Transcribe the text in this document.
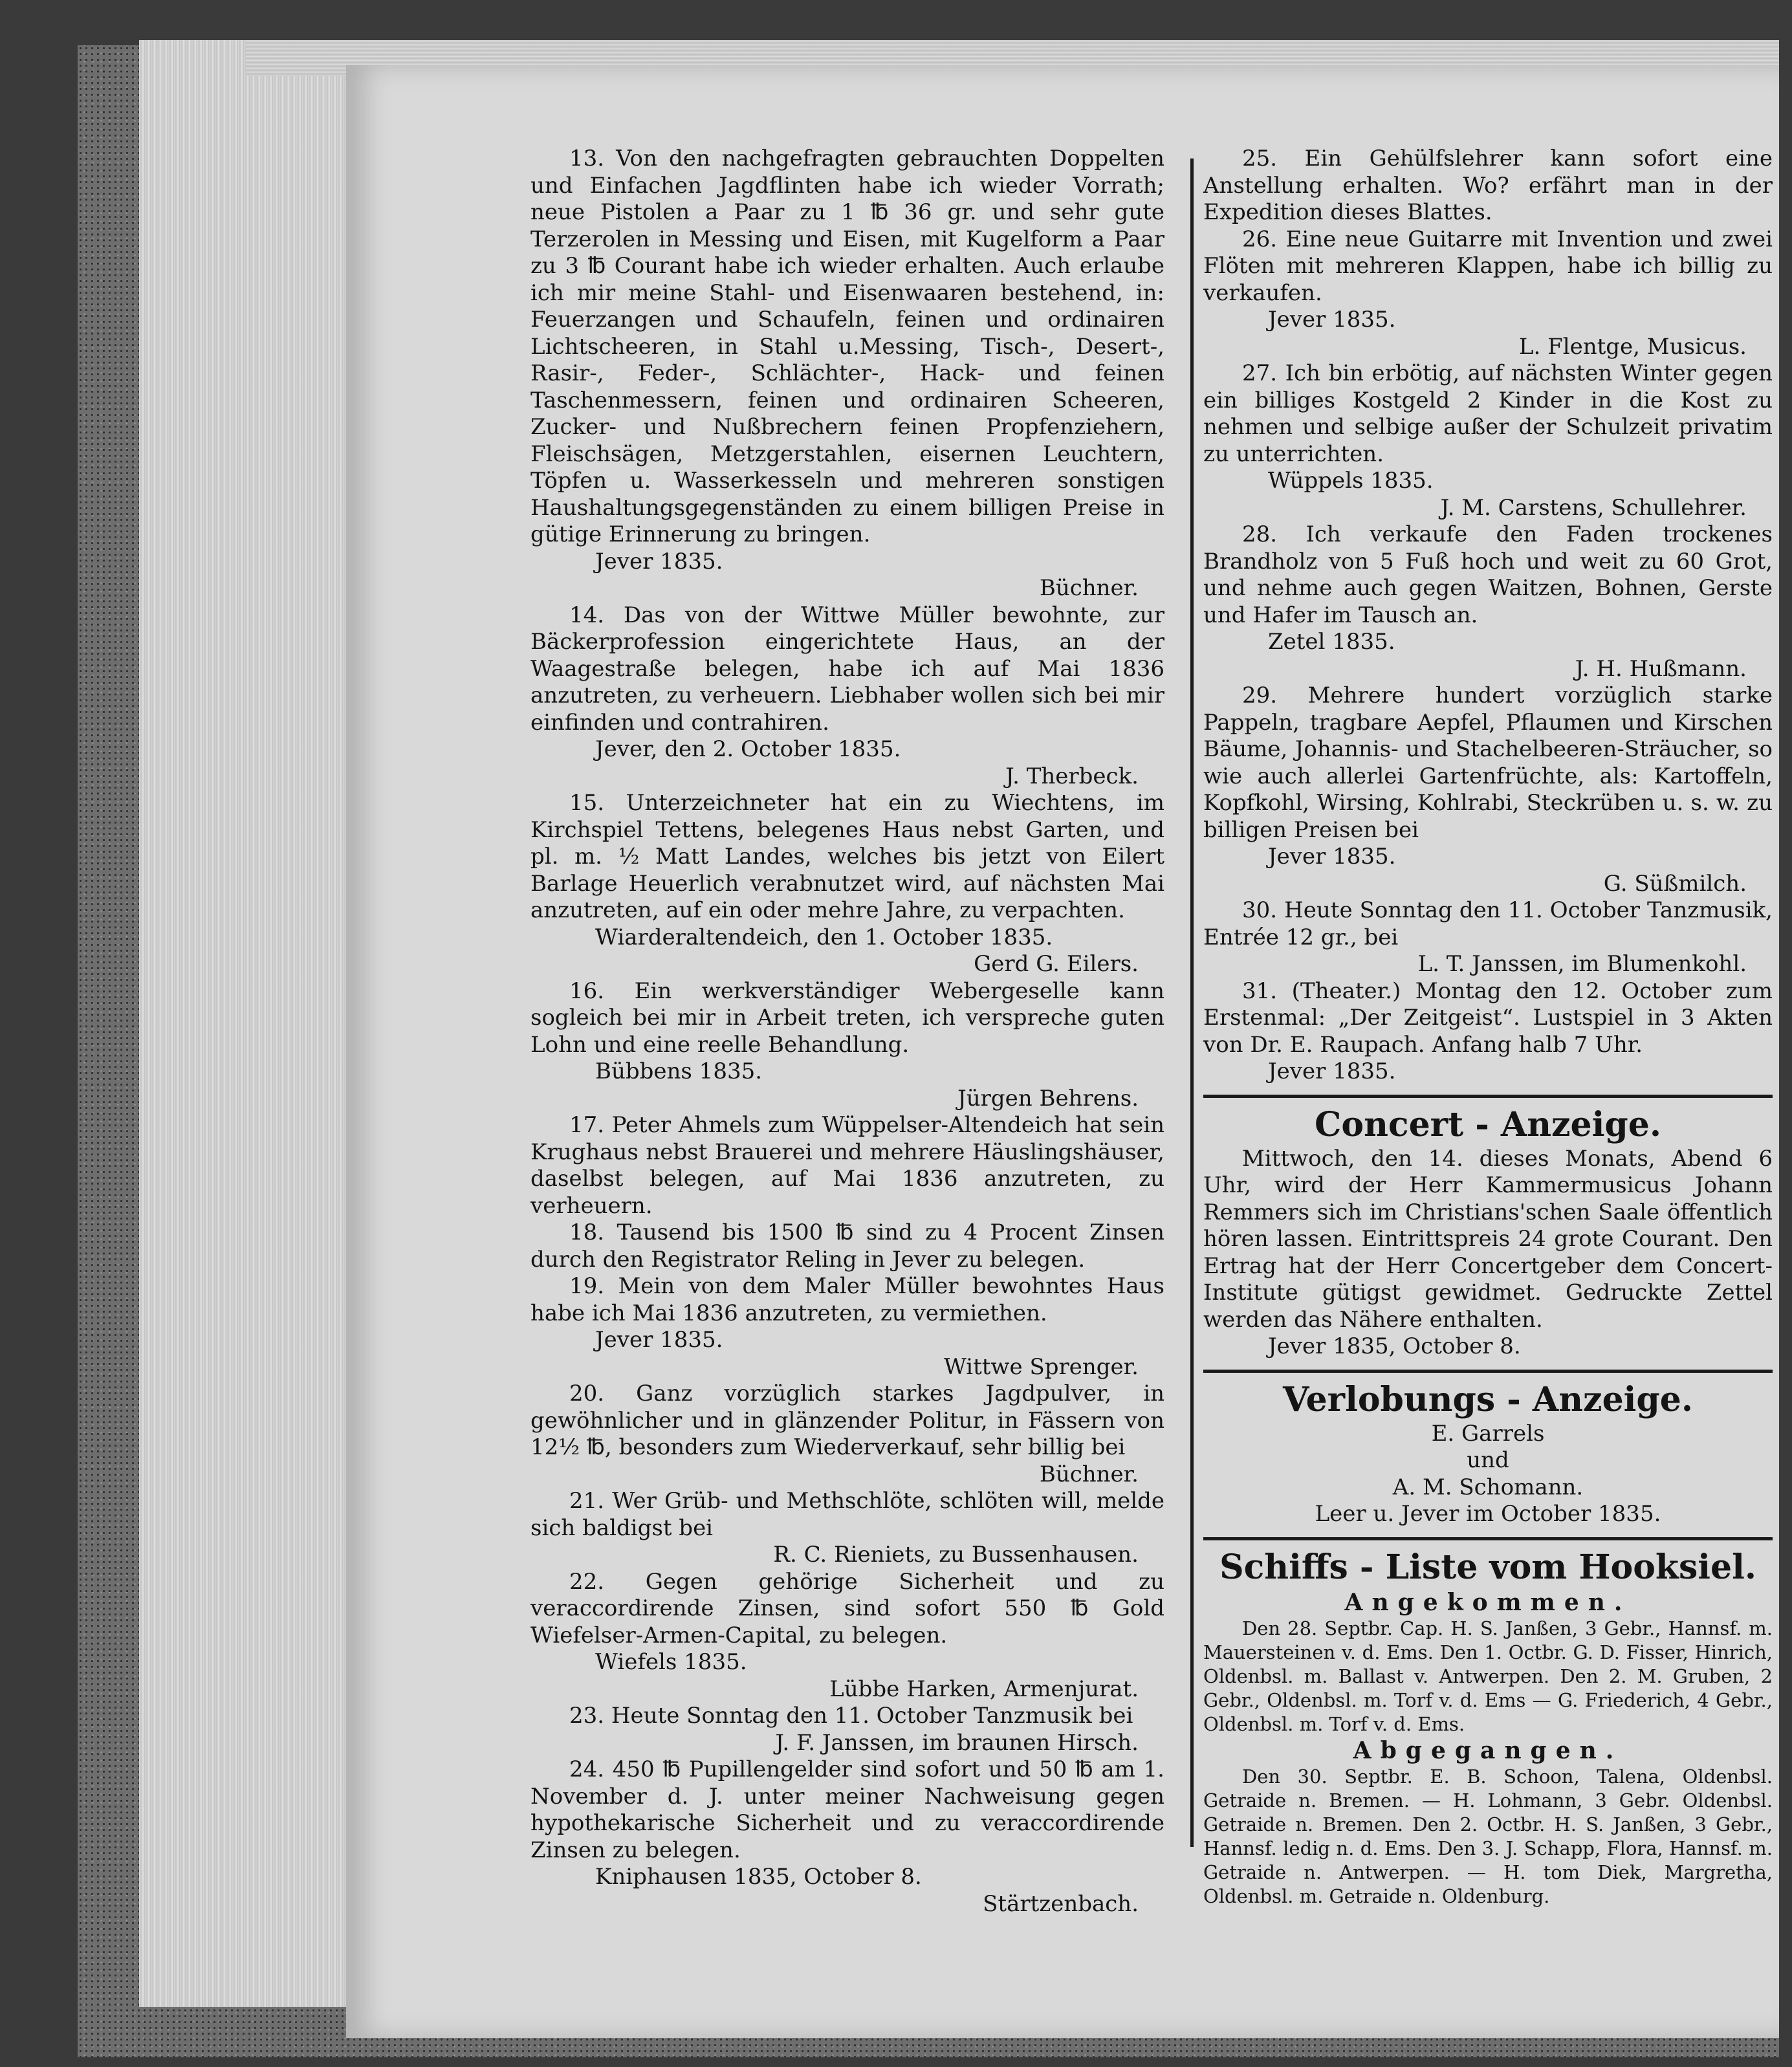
13. Von den nachgefragten gebrauchten Doppelten und Einfachen Jagdflinten habe ich wieder Vorrath; neue Pistolen a Paar zu 1 ℔ 36 gr. und sehr gute Terzerolen in Messing und Eisen, mit Kugelform a Paar zu 3 ℔ Courant habe ich wieder erhalten. Auch erlaube ich mir meine Stahl- und Eisenwaaren bestehend, in: Feuerzangen und Schaufeln, feinen und ordinairen Lichtscheeren, in Stahl u.Messing, Tisch-, Desert-, Rasir-, Feder-, Schlächter-, Hack- und feinen Taschenmessern, feinen und ordinairen Scheeren, Zucker- und Nußbrechern feinen Propfenziehern, Fleischsägen, Metzgerstahlen, eisernen Leuchtern, Töpfen u. Wasserkesseln und mehreren sonstigen Haushaltungsgegenständen zu einem billigen Preise in gütige Erinnerung zu bringen.

Jever 1835.
Büchner.

14. Das von der Wittwe Müller bewohnte, zur Bäckerprofession eingerichtete Haus, an der Waagestraße belegen, habe ich auf Mai 1836 anzutreten, zu verheuern. Liebhaber wollen sich bei mir einfinden und contrahiren.

Jever, den 2. October 1835.
J. Therbeck.

15. Unterzeichneter hat ein zu Wiechtens, im Kirchspiel Tettens, belegenes Haus nebst Garten, und pl. m. ½ Matt Landes, welches bis jetzt von Eilert Barlage Heuerlich verabnutzet wird, auf nächsten Mai anzutreten, auf ein oder mehre Jahre, zu verpachten.

Wiarderaltendeich, den 1. October 1835.
Gerd G. Eilers.

16. Ein werkverständiger Webergeselle kann sogleich bei mir in Arbeit treten, ich verspreche guten Lohn und eine reelle Behandlung.

Bübbens 1835.
Jürgen Behrens.

17. Peter Ahmels zum Wüppelser-Altendeich hat sein Krughaus nebst Brauerei und mehrere Häuslingshäuser, daselbst belegen, auf Mai 1836 anzutreten, zu verheuern.

18. Tausend bis 1500 ℔ sind zu 4 Procent Zinsen durch den Registrator Reling in Jever zu belegen.

19. Mein von dem Maler Müller bewohntes Haus habe ich Mai 1836 anzutreten, zu vermiethen.

Jever 1835.
Wittwe Sprenger.

20. Ganz vorzüglich starkes Jagdpulver, in gewöhnlicher und in glänzender Politur, in Fässern von 12½ ℔, besonders zum Wiederverkauf, sehr billig bei

Büchner.

21. Wer Grüb- und Methschlöte, schlöten will, melde sich baldigst bei

R. C. Rieniets, zu Bussenhausen.

22. Gegen gehörige Sicherheit und zu veraccordirende Zinsen, sind sofort 550 ℔ Gold Wiefelser-Armen-Capital, zu belegen.

Wiefels 1835.
Lübbe Harken, Armenjurat.

23. Heute Sonntag den 11. October Tanzmusik bei

J. F. Janssen, im braunen Hirsch.

24. 450 ℔ Pupillengelder sind sofort und 50 ℔ am 1. November d. J. unter meiner Nachweisung gegen hypothekarische Sicherheit und zu veraccordirende Zinsen zu belegen.

Kniphausen 1835, October 8.
Stärtzenbach.

25. Ein Gehülfslehrer kann sofort eine Anstellung erhalten. Wo? erfährt man in der Expedition dieses Blattes.

26. Eine neue Guitarre mit Invention und zwei Flöten mit mehreren Klappen, habe ich billig zu verkaufen.

Jever 1835.
L. Flentge, Musicus.

27. Ich bin erbötig, auf nächsten Winter gegen ein billiges Kostgeld 2 Kinder in die Kost zu nehmen und selbige außer der Schulzeit privatim zu unterrichten.

Wüppels 1835.
J. M. Carstens, Schullehrer.

28. Ich verkaufe den Faden trockenes Brandholz von 5 Fuß hoch und weit zu 60 Grot, und nehme auch gegen Waitzen, Bohnen, Gerste und Hafer im Tausch an.

Zetel 1835.
J. H. Hußmann.

29. Mehrere hundert vorzüglich starke Pappeln, tragbare Aepfel, Pflaumen und Kirschen Bäume, Johannis- und Stachelbeeren-Sträucher, so wie auch allerlei Gartenfrüchte, als: Kartoffeln, Kopfkohl, Wirsing, Kohlrabi, Steckrüben u. s. w. zu billigen Preisen bei

Jever 1835.
G. Süßmilch.

30. Heute Sonntag den 11. October Tanzmusik, Entrée 12 gr., bei

L. T. Janssen, im Blumenkohl.

31. (Theater.) Montag den 12. October zum Erstenmal: „Der Zeitgeist“. Lustspiel in 3 Akten von Dr. E. Raupach. Anfang halb 7 Uhr.

Jever 1835.
Concert - Anzeige.

Mittwoch, den 14. dieses Monats, Abend 6 Uhr, wird der Herr Kammermusicus Johann Remmers sich im Christians'schen Saale öffentlich hören lassen. Eintrittspreis 24 grote Courant. Den Ertrag hat der Herr Concertgeber dem Concert-Institute gütigst gewidmet. Gedruckte Zettel werden das Nähere enthalten.

Jever 1835, October 8.
Verlobungs - Anzeige.
E. Garrels
und
A. M. Schomann.
Leer u. Jever im October 1835.
Schiffs - Liste vom Hooksiel.
Angekommen.

Den 28. Septbr. Cap. H. S. Janßen, 3 Gebr., Hannsf. m. Mauersteinen v. d. Ems. Den 1. Octbr. G. D. Fisser, Hinrich, Oldenbsl. m. Ballast v. Antwerpen. Den 2. M. Gruben, 2 Gebr., Oldenbsl. m. Torf v. d. Ems — G. Friederich, 4 Gebr., Oldenbsl. m. Torf v. d. Ems.

Abgegangen.

Den 30. Septbr. E. B. Schoon, Talena, Oldenbsl. Getraide n. Bremen. — H. Lohmann, 3 Gebr. Oldenbsl. Getraide n. Bremen. Den 2. Octbr. H. S. Janßen, 3 Gebr., Hannsf. ledig n. d. Ems. Den 3. J. Schapp, Flora, Hannsf. m. Getraide n. Antwerpen. — H. tom Diek, Margretha, Oldenbsl. m. Getraide n. Oldenburg.
